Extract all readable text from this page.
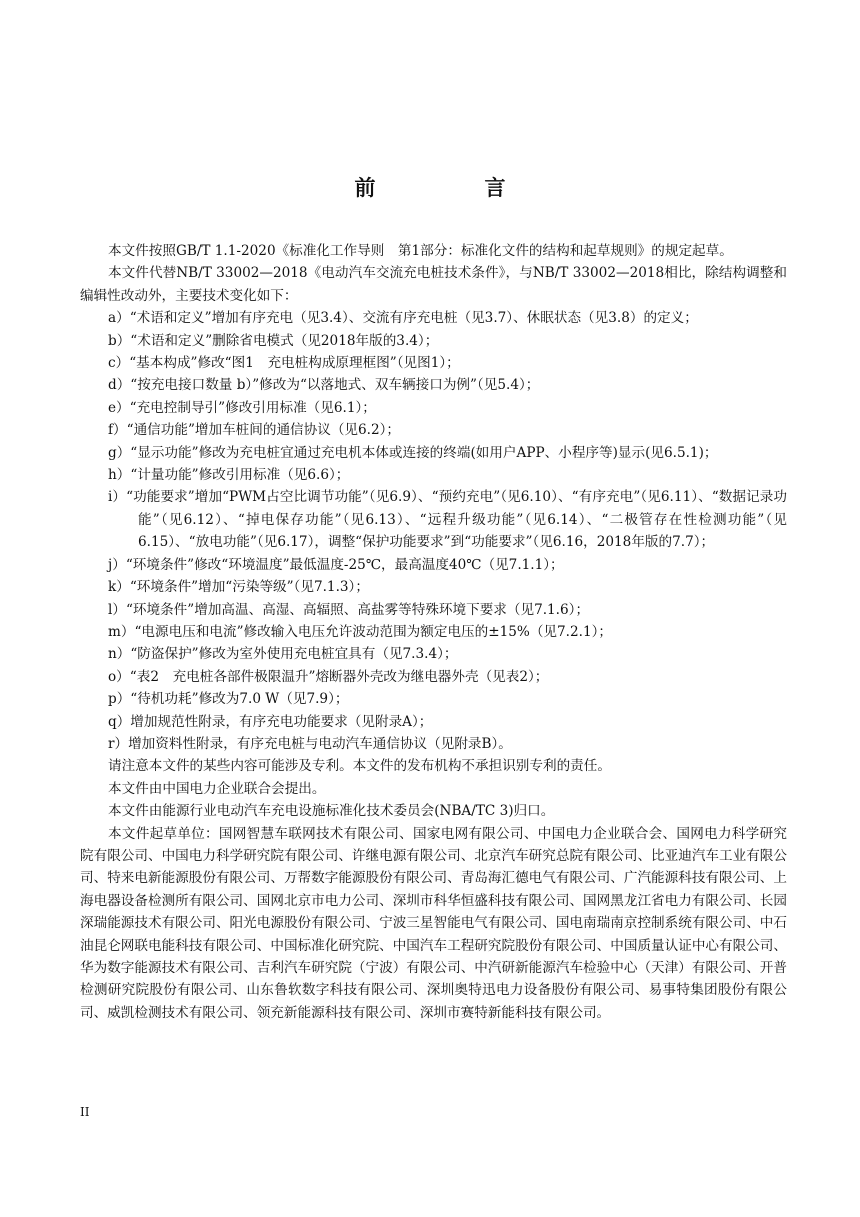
前　言

本文件按照GB/T 1.1-2020《标准化工作导则　第1部分：标准化文件的结构和起草规则》的规定起草。

本文件代替NB/T 33002—2018《电动汽车交流充电桩技术条件》，与NB/T 33002—2018相比，除结构调整和编辑性改动外，主要技术变化如下：

a）“术语和定义”增加有序充电（见3.4）、交流有序充电桩（见3.7）、休眠状态（见3.8）的定义；
b）“术语和定义”删除省电模式（见2018年版的3.4）；
c）“基本构成”修改“图1　充电桩构成原理框图”（见图1）；
d）“按充电接口数量 b）”修改为“以落地式、双车辆接口为例”（见5.4）；
e）“充电控制导引”修改引用标准（见6.1）；
f）“通信功能”增加车桩间的通信协议（见6.2）；
g）“显示功能”修改为充电桩宜通过充电机本体或连接的终端(如用户APP、小程序等)显示(见6.5.1)；
h）“计量功能”修改引用标准（见6.6）；
i）“功能要求”增加“PWM占空比调节功能”（见6.9）、“预约充电”（见6.10）、“有序充电”（见6.11）、“数据记录功能”（见6.12）、“掉电保存功能”（见6.13）、“远程升级功能”（见6.14）、“二极管存在性检测功能”（见6.15）、“放电功能”（见6.17），调整“保护功能要求”到“功能要求”（见6.16，2018年版的7.7）；
j）“环境条件”修改“环境温度”最低温度-25℃，最高温度40℃（见7.1.1）；
k）“环境条件”增加“污染等级”（见7.1.3）；
l）“环境条件”增加高温、高湿、高辐照、高盐雾等特殊环境下要求（见7.1.6）；
m）“电源电压和电流”修改输入电压允许波动范围为额定电压的±15%（见7.2.1）；
n）“防盗保护”修改为室外使用充电桩宜具有（见7.3.4）；
o）“表2　充电桩各部件极限温升”熔断器外壳改为继电器外壳（见表2）；
p）“待机功耗”修改为7.0 W（见7.9）；
q）增加规范性附录，有序充电功能要求（见附录A）；
r）增加资料性附录，有序充电桩与电动汽车通信协议（见附录B）。

请注意本文件的某些内容可能涉及专利。本文件的发布机构不承担识别专利的责任。

本文件由中国电力企业联合会提出。

本文件由能源行业电动汽车充电设施标准化技术委员会(NBA/TC 3)归口。

本文件起草单位：国网智慧车联网技术有限公司、国家电网有限公司、中国电力企业联合会、国网电力科学研究院有限公司、中国电力科学研究院有限公司、许继电源有限公司、北京汽车研究总院有限公司、比亚迪汽车工业有限公司、特来电新能源股份有限公司、万帮数字能源股份有限公司、青岛海汇德电气有限公司、广汽能源科技有限公司、上海电器设备检测所有限公司、国网北京市电力公司、深圳市科华恒盛科技有限公司、国网黑龙江省电力有限公司、长园深瑞能源技术有限公司、阳光电源股份有限公司、宁波三星智能电气有限公司、国电南瑞南京控制系统有限公司、中石油昆仑网联电能科技有限公司、中国标准化研究院、中国汽车工程研究院股份有限公司、中国质量认证中心有限公司、华为数字能源技术有限公司、吉利汽车研究院（宁波）有限公司、中汽研新能源汽车检验中心（天津）有限公司、开普检测研究院股份有限公司、山东鲁软数字科技有限公司、深圳奥特迅电力设备股份有限公司、易事特集团股份有限公司、威凯检测技术有限公司、领充新能源科技有限公司、深圳市赛特新能科技有限公司。

II
